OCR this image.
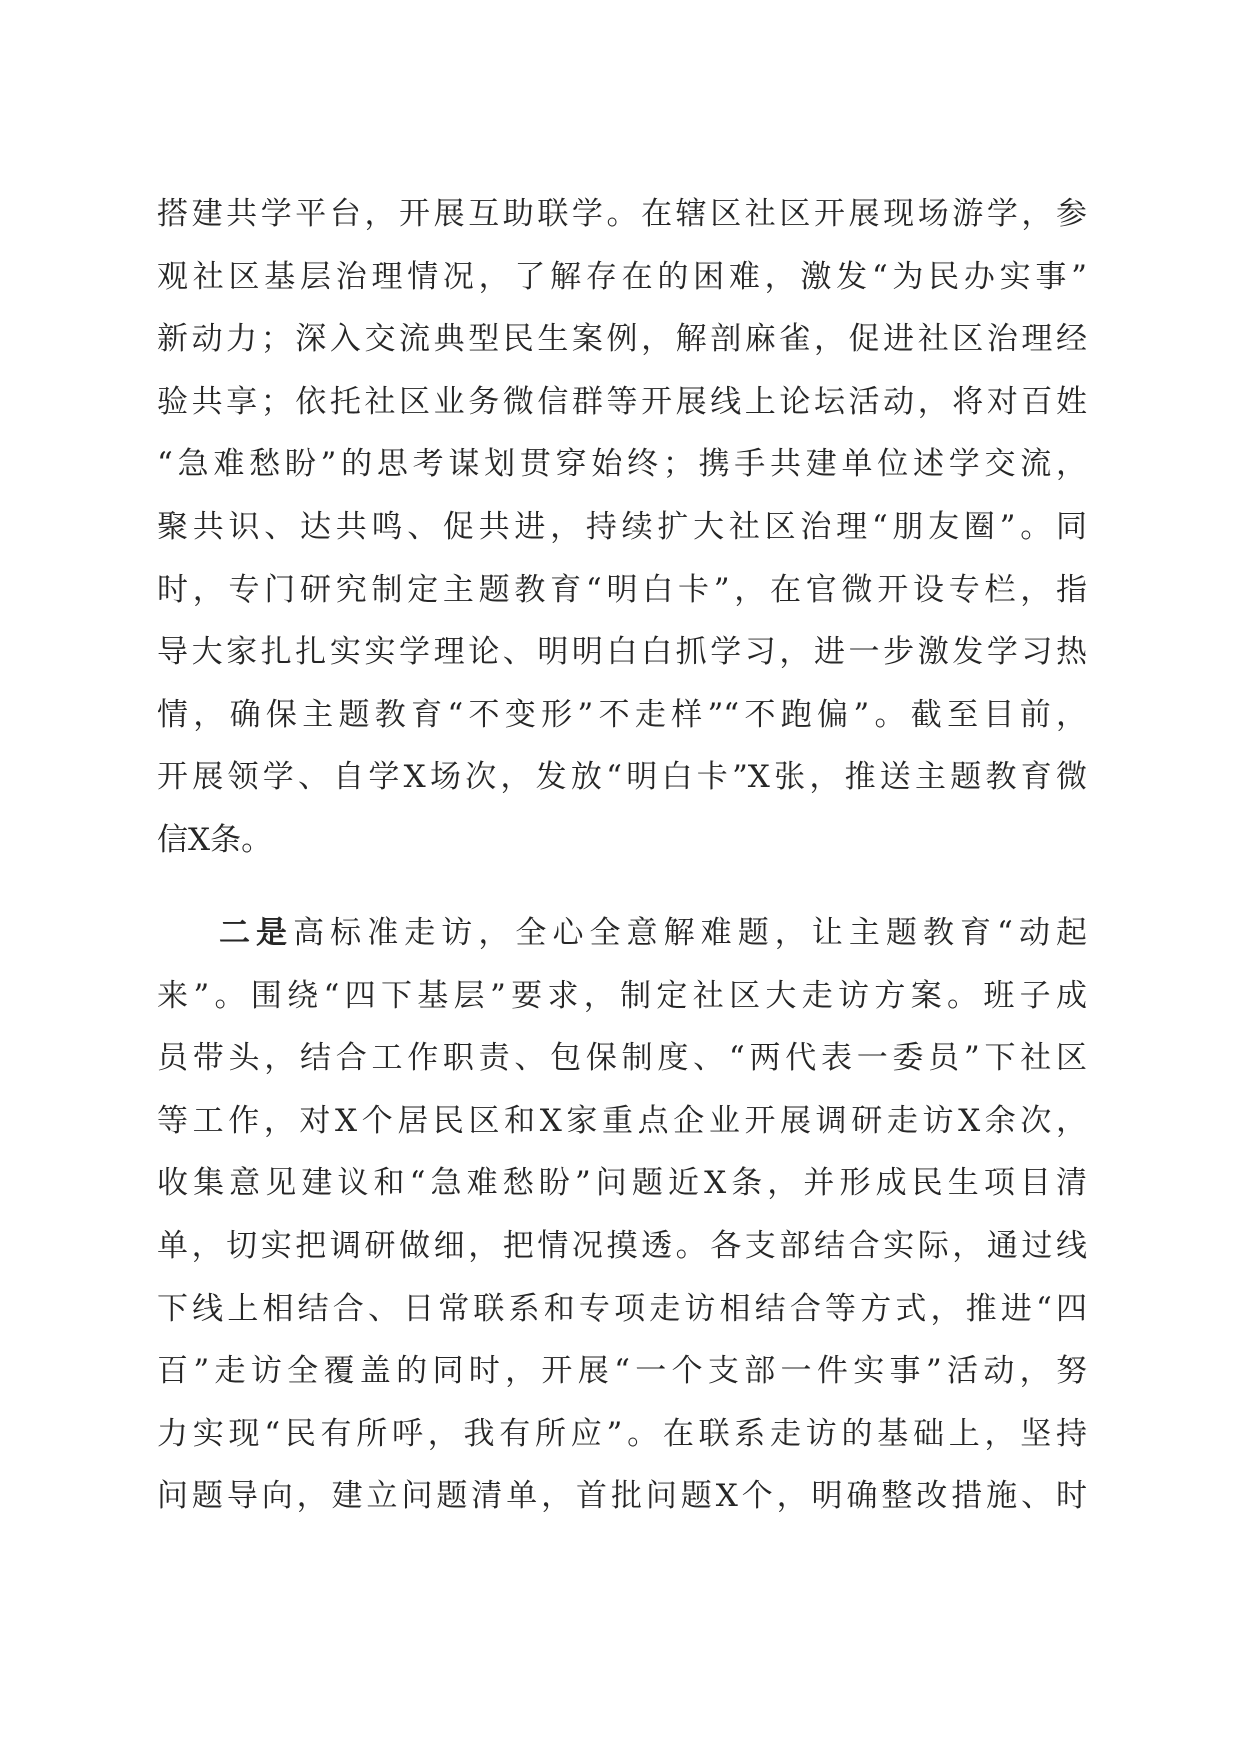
搭建共学平台，开展互助联学。在辖区社区开展现场游学，参
观社区基层治理情况，了解存在的困难，激发“为民办实事”
新动力；深入交流典型民生案例，解剖麻雀，促进社区治理经
验共享；依托社区业务微信群等开展线上论坛活动，将对百姓
“急难愁盼”的思考谋划贯穿始终；携手共建单位述学交流，
聚共识、达共鸣、促共进，持续扩大社区治理“朋友圈”。同
时，专门研究制定主题教育“明白卡”，在官微开设专栏，指
导大家扎扎实实学理论、明明白白抓学习，进一步激发学习热
情，确保主题教育“不变形”不走样”“不跑偏”。截至目前，
开展领学、自学X场次，发放“明白卡”X张，推送主题教育微
信X条。
二是高标准走访，全心全意解难题，让主题教育“动起
来”。围绕“四下基层”要求，制定社区大走访方案。班子成
员带头，结合工作职责、包保制度、“两代表一委员”下社区
等工作，对X个居民区和X家重点企业开展调研走访X余次，
收集意见建议和“急难愁盼”问题近X条，并形成民生项目清
单，切实把调研做细，把情况摸透。各支部结合实际，通过线
下线上相结合、日常联系和专项走访相结合等方式，推进“四
百”走访全覆盖的同时，开展“一个支部一件实事”活动，努
力实现“民有所呼，我有所应”。在联系走访的基础上，坚持
问题导向，建立问题清单，首批问题X个，明确整改措施、时
